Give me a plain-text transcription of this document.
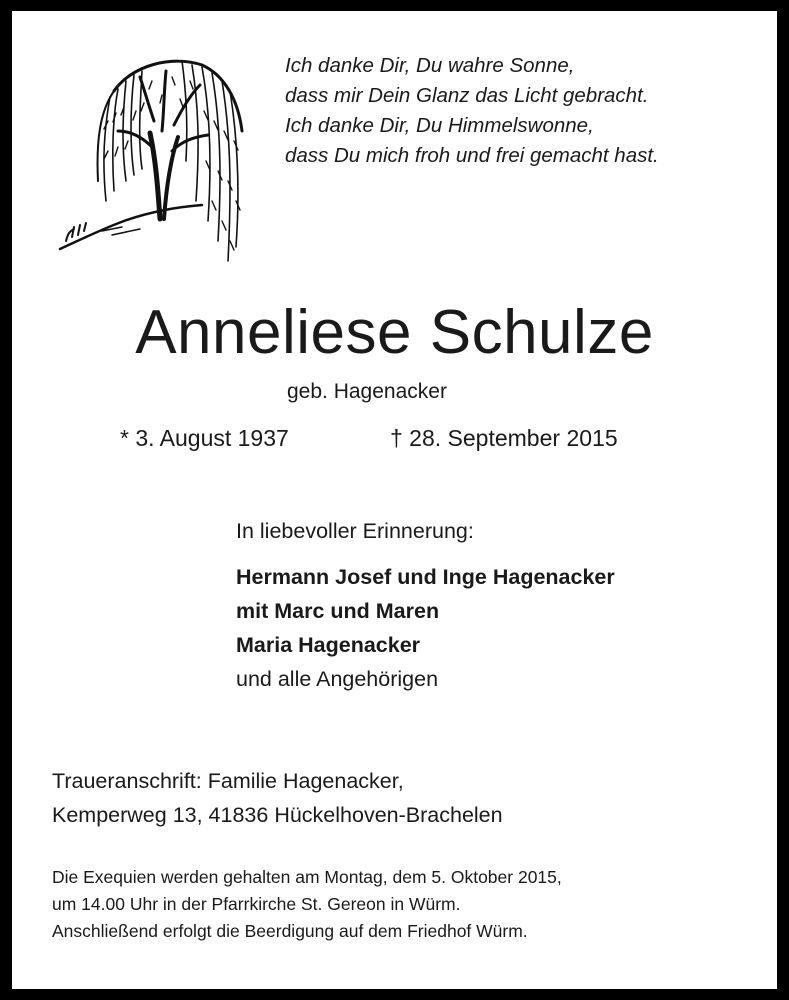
Ich danke Dir, Du wahre Sonne,
dass mir Dein Glanz das Licht gebracht.
Ich danke Dir, Du Himmelswonne,
dass Du mich froh und frei gemacht hast.
Anneliese Schulze
geb. Hagenacker
* 3. August 1937	† 28. September 2015
In liebevoller Erinnerung:
Hermann Josef und Inge Hagenacker
mit Marc und Maren
Maria Hagenacker
und alle Angehörigen
Traueranschrift: Familie Hagenacker,
Kemperweg 13, 41836 Hückelhoven-Brachelen
Die Exequien werden gehalten am Montag, dem 5. Oktober 2015,
um 14.00 Uhr in der Pfarrkirche St. Gereon in Würm.
Anschließend erfolgt die Beerdigung auf dem Friedhof Würm.
